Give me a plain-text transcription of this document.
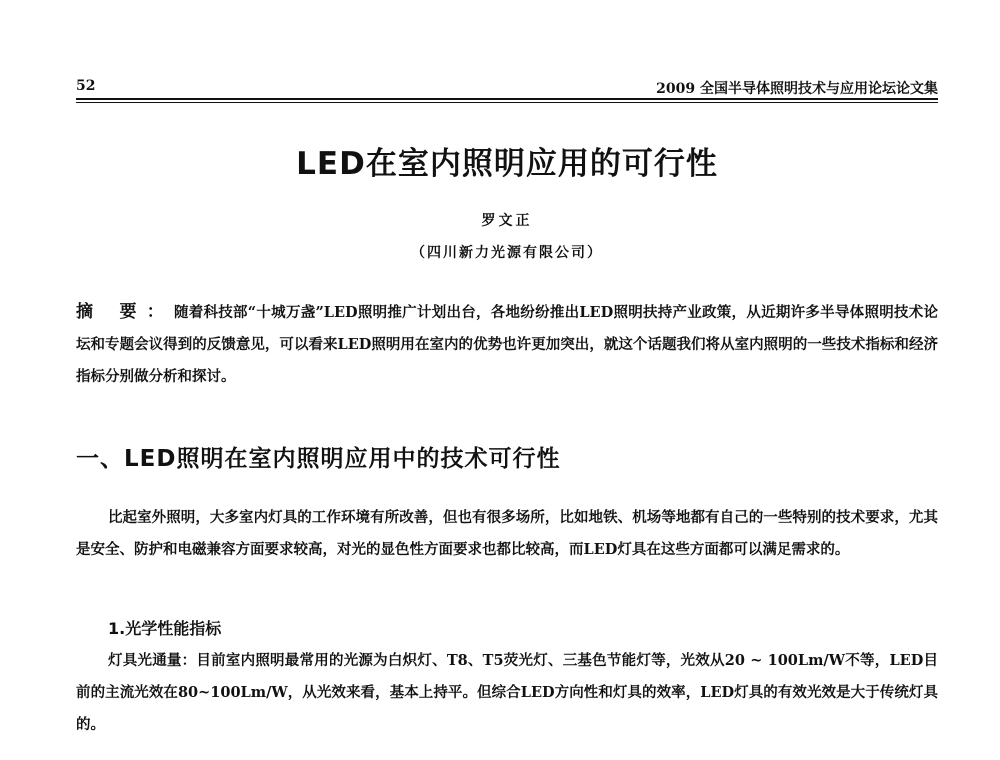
52	2009 全国半导体照明技术与应用论坛论文集
LED在室内照明应用的可行性
罗文正
（四川新力光源有限公司）
摘 要：随着科技部“十城万盏”LED照明推广计划出台，各地纷纷推出LED照明扶持产业政策，从近期许多半导体照明技术论坛和专题会议得到的反馈意见，可以看来LED照明用在室内的优势也许更加突出，就这个话题我们将从室内照明的一些技术指标和经济指标分别做分析和探讨。
一、LED照明在室内照明应用中的技术可行性
比起室外照明，大多室内灯具的工作环境有所改善，但也有很多场所，比如地铁、机场等地都有自己的一些特别的技术要求，尤其是安全、防护和电磁兼容方面要求较高，对光的显色性方面要求也都比较高，而LED灯具在这些方面都可以满足需求的。
1.光学性能指标
灯具光通量：目前室内照明最常用的光源为白炽灯、T8、T5荧光灯、三基色节能灯等，光效从20 ~ 100Lm/W不等，LED目前的主流光效在80~100Lm/W，从光效来看，基本上持平。但综合LED方向性和灯具的效率，LED灯具的有效光效是大于传统灯具的。
